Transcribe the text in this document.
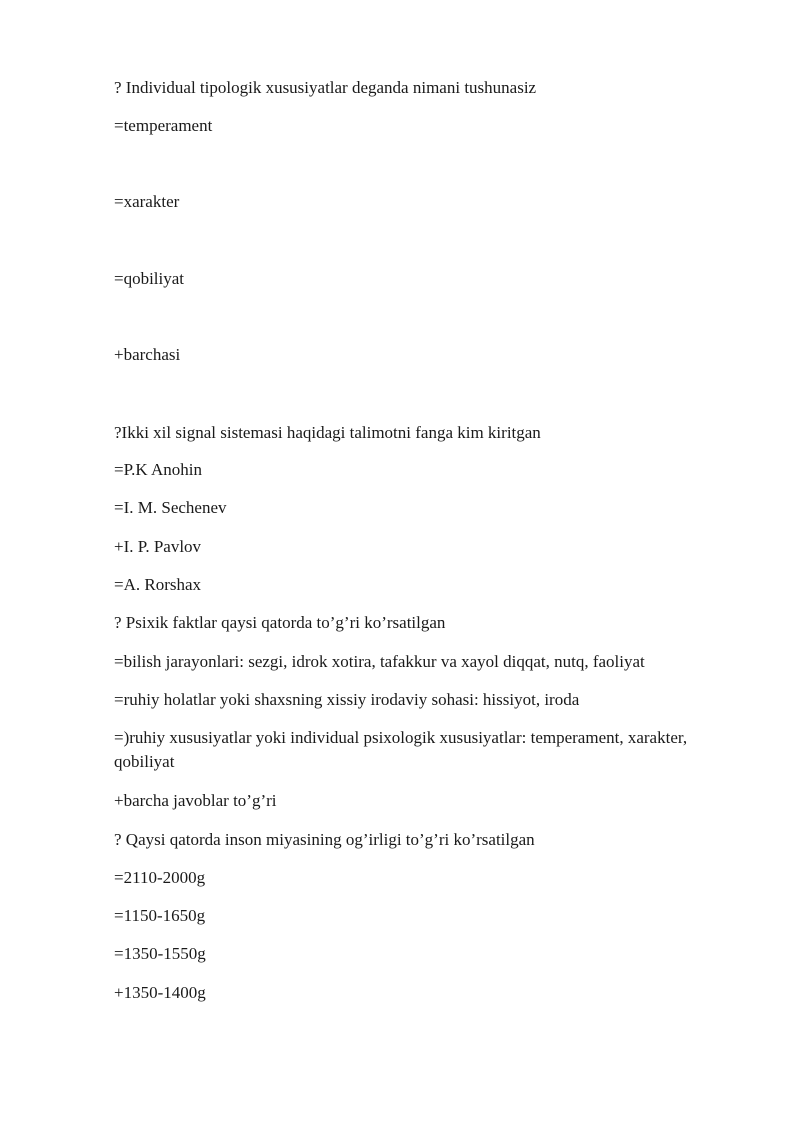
? Individual tipologik xususiyatlar deganda nimani tushunasiz
=temperament
=xarakter
=qobiliyat
+barchasi
?Ikki xil signal sistemasi haqidagi talimotni fanga kim kiritgan
=P.K Anohin
=I. M. Sechenev
+I. P. Pavlov
=A. Rorshax
? Psixik faktlar qaysi qatorda to’g’ri ko’rsatilgan
=bilish jarayonlari: sezgi, idrok xotira, tafakkur va xayol diqqat, nutq, faoliyat
=ruhiy holatlar yoki shaxsning xissiy irodaviy sohasi: hissiyot, iroda
=)ruhiy xususiyatlar yoki individual psixologik xususiyatlar: temperament, xarakter, qobiliyat
+barcha javoblar to’g’ri
? Qaysi qatorda inson miyasining og’irligi to’g’ri ko’rsatilgan
=2110-2000g
=1150-1650g
=1350-1550g
+1350-1400g
